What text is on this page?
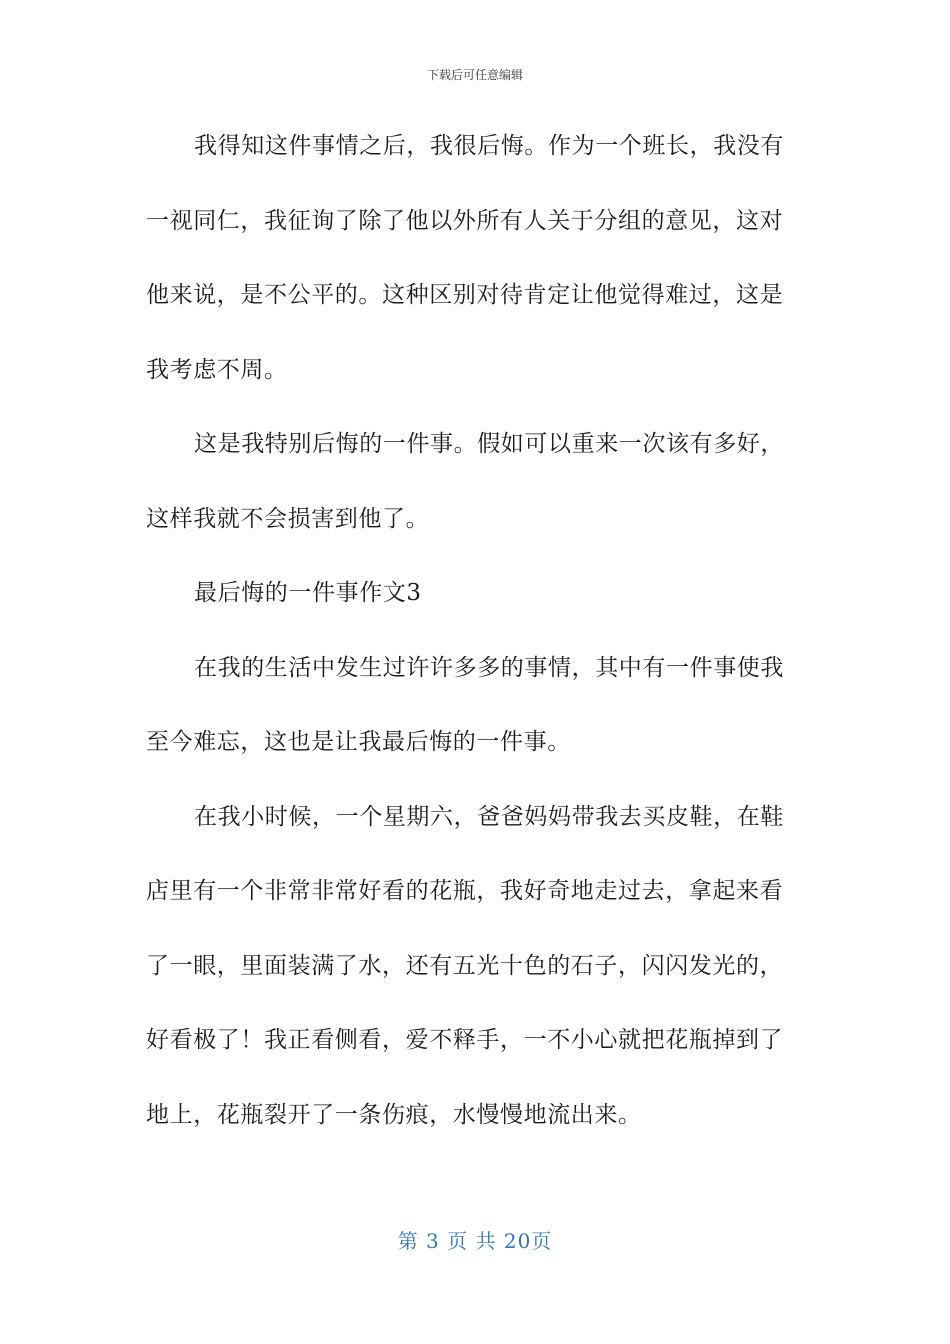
下载后可任意编辑
我得知这件事情之后，我很后悔。作为一个班长，我没有
一视同仁，我征询了除了他以外所有人关于分组的意见，这对
他来说，是不公平的。这种区别对待肯定让他觉得难过，这是
我考虑不周。
这是我特别后悔的一件事。假如可以重来一次该有多好，
这样我就不会损害到他了。
最后悔的一件事作文3
在我的生活中发生过许许多多的事情，其中有一件事使我
至今难忘，这也是让我最后悔的一件事。
在我小时候，一个星期六，爸爸妈妈带我去买皮鞋，在鞋
店里有一个非常非常好看的花瓶，我好奇地走过去，拿起来看
了一眼，里面装满了水，还有五光十色的石子，闪闪发光的，
好看极了！我正看侧看，爱不释手，一不小心就把花瓶掉到了
地上，花瓶裂开了一条伤痕，水慢慢地流出来。
第 3 页 共 20页
